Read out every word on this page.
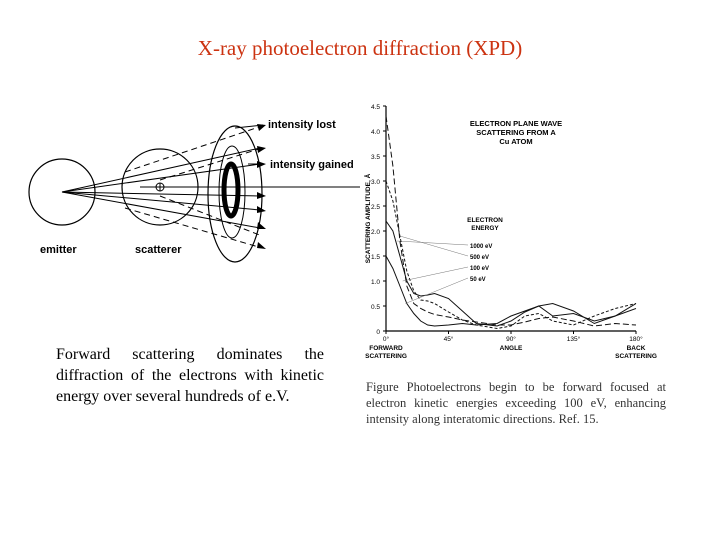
X-ray photoelectron diffraction (XPD)
intensity lost
intensity gained
emitter	scatterer
0
0.5
1.0
1.5
2.0
2.5
3.0
3.5
4.0
4.5
0°	45°	90°	135°	180°
ANGLE
FORWARD
SCATTERING
BACK
SCATTERING
SCATTERING AMPLITUDE, Å
ELECTRON PLANE WAVE
SCATTERING FROM A
Cu ATOM
ELECTRON
ENERGY
1000 eV
500 eV
100 eV
50 eV
Forward scattering dominates the diffraction of the electrons with kinetic energy over several hundreds of e.V.
Figure Photoelectrons begin to be forward focused at electron kinetic energies exceeding 100 eV, enhancing intensity along interatomic directions. Ref. 15.
